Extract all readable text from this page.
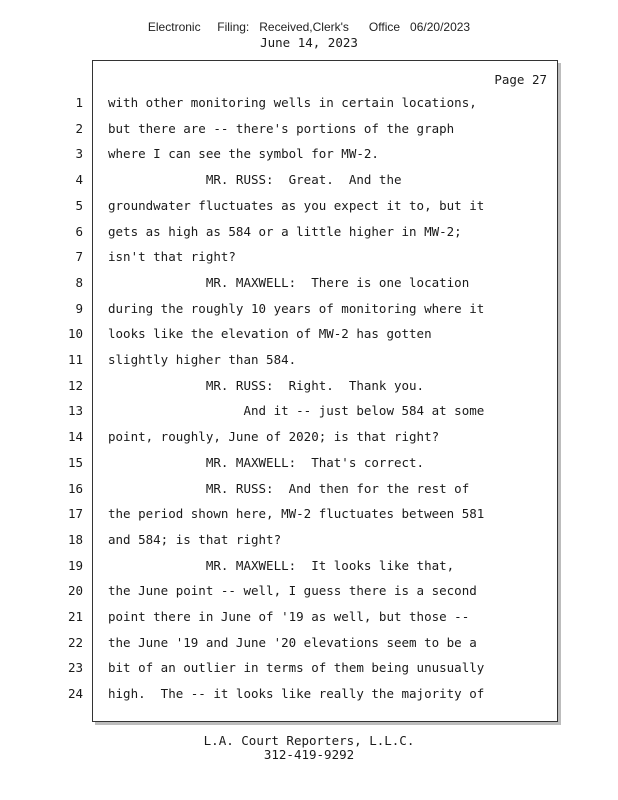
Electronic     Filing:   Received,Clerk's      Office   06/20/2023
June 14, 2023
Page 27
1 with other monitoring wells in certain locations,
2 but there are -- there's portions of the graph
3 where I can see the symbol for MW-2.
4 MR. RUSS:  Great.  And the
5 groundwater fluctuates as you expect it to, but it
6 gets as high as 584 or a little higher in MW-2;
7 isn't that right?
8 MR. MAXWELL:  There is one location
9 during the roughly 10 years of monitoring where it
10 looks like the elevation of MW-2 has gotten
11 slightly higher than 584.
12 MR. RUSS:  Right.  Thank you.
13 And it -- just below 584 at some
14 point, roughly, June of 2020; is that right?
15 MR. MAXWELL:  That's correct.
16 MR. RUSS:  And then for the rest of
17 the period shown here, MW-2 fluctuates between 581
18 and 584; is that right?
19 MR. MAXWELL:  It looks like that,
20 the June point -- well, I guess there is a second
21 point there in June of '19 as well, but those --
22 the June '19 and June '20 elevations seem to be a
23 bit of an outlier in terms of them being unusually
24 high.  The -- it looks like really the majority of
L.A. Court Reporters, L.L.C.
312-419-9292
